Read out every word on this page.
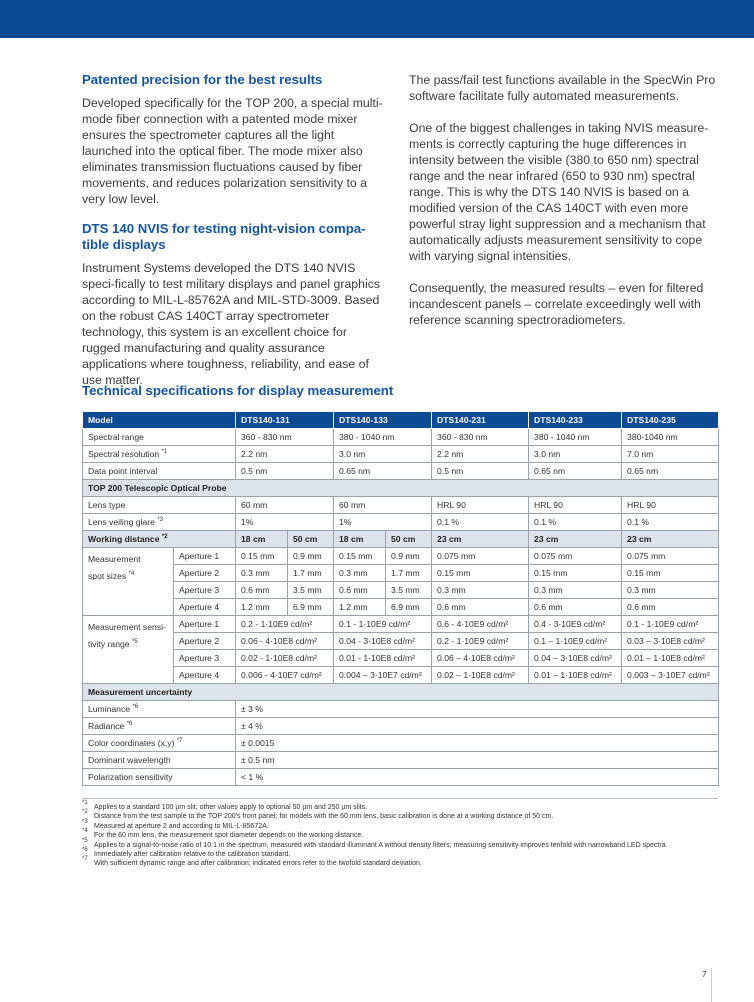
Patented precision for the best results

Developed specifically for the TOP 200, a special multi-mode fiber connection with a patented mode mixer ensures the spectrometer captures all the light launched into the optical fiber. The mode mixer also eliminates transmission fluctuations caused by fiber movements, and reduces polarization sensitivity to a very low level.

DTS 140 NVIS for testing night-vision compa-tible displays

Instrument Systems developed the DTS 140 NVIS speci-fically to test military displays and panel graphics according to MIL-L-85762A and MIL-STD-3009. Based on the robust CAS 140CT array spectrometer technology, this system is an excellent choice for rugged manufacturing and quality assurance applications where toughness, reliability, and ease of use matter.

The pass/fail test functions available in the SpecWin Pro software facilitate fully automated measurements.

One of the biggest challenges in taking NVIS measure-ments is correctly capturing the huge differences in intensity between the visible (380 to 650 nm) spectral range and the near infrared (650 to 930 nm) spectral range. This is why the DTS 140 NVIS is based on a modified version of the CAS 140CT with even more powerful stray light suppression and a mechanism that automatically adjusts measurement sensitivity to cope with varying signal intensities.

Consequently, the measured results – even for filtered incandescent panels – correlate exceedingly well with reference scanning spectroradiometers.

Technical specifications for display measurement
Model		DTS140-131		DTS140-133		DTS140-231	DTS140-233	DTS140-235
Spectral range		360 - 830 nm		380 - 1040 nm		360 - 830 nm	380 - 1040 nm	380-1040 nm
Spectral resolution $^{*1}$		2.2 nm		3.0 nm		2.2 nm	3.0 nm	7.0 nm
Data point interval		0.5 nm		0.65 nm		0.5 nm	0.65 nm	0.65 nm
TOP 200 Telescopic Optical Probe								
Lens type		60 mm		60 mm		HRL 90	HRL 90	HRL 90
Lens veiling glare $^{*3}$		1%		1%		0.1 %	0.1 %	0.1 %
Working distance $^{*2}$		18 cm	50 cm	18 cm	50 cm	23 cm	23 cm	23 cm
Measurement
spot sizes $^{*4}$	Aperture 1	0.15 mm	0.9 mm	0.15 mm	0.9 mm	0.075 mm	0.075 mm	0.075 mm
	Aperture 2	0.3 mm	1.7 mm	0.3 mm	1.7 mm	0.15 mm	0.15 mm	0.15 mm
	Aperture 3	0.6 mm	3.5 mm	0.6 mm	3.5 mm	0.3 mm	0.3 mm	0.3 mm
	Aperture 4	1.2 mm	6.9 mm	1.2 mm	6.9 mm	0.6 mm	0.6 mm	0.6 mm
Measurement sensi-
tivity range $^{*5}$	Aperture 1	0.2 - 1·10E9 cd/m²		0.1 - 1·10E9 cd/m²		0.6 - 4·10E9 cd/m²	0.4 - 3·10E9 cd/m²	0.1 - 1·10E9 cd/m²
	Aperture 2	0.06 - 4·10E8 cd/m²		0.04 - 3·10E8 cd/m²		0.2 - 1·10E9 cd/m²	0.1 – 1·10E9 cd/m²	0.03 – 3·10E8 cd/m²
	Aperture 3	0.02 - 1·10E8 cd/m²		0.01 - 1·10E8 cd/m²		0.06 – 4·10E8 cd/m²	0.04 – 3·10E8 cd/m²	0.01 – 1·10E8 cd/m²
	Aperture 4	0.006 - 4·10E7 cd/m²		0.004 – 3·10E7 cd/m²		0.02 – 1·10E8 cd/m²	0.01 – 1·10E8 cd/m²	0.003 – 3·10E7 cd/m²
Measurement uncertainty								
Luminance $^{*6}$		± 3 %						
Radiance $^{*6}$		± 4 %						
Color coordinates (x,y) $^{*7}$		± 0.0015						
Dominant wavelength		± 0.5 nm						
Polarization sensitivity		< 1 %						
*1
Applies to a standard 100 µm slit; other values apply to optional 50 µm and 250 µm slits.
*2
Distance from the test sample to the TOP 200's front panel; for models with the 60 mm lens, basic calibration is done at a working distance of 50 cm.
*3
Measured at aperture 2 and according to MIL-L-85672A.
*4
For the 60 mm lens, the measurement spot diameter depends on the working distance.
*5
Applies to a signal-to-noise ratio of 10:1 in the spectrum, measured with standard illuminant A without density filters; measuring sensitivity improves tenfold with narrowband LED spectra.
*6
Immediately after calibration relative to the calibration standard.
*7
With sufficient dynamic range and after calibration; indicated errors refer to the twofold standard deviation.
7
